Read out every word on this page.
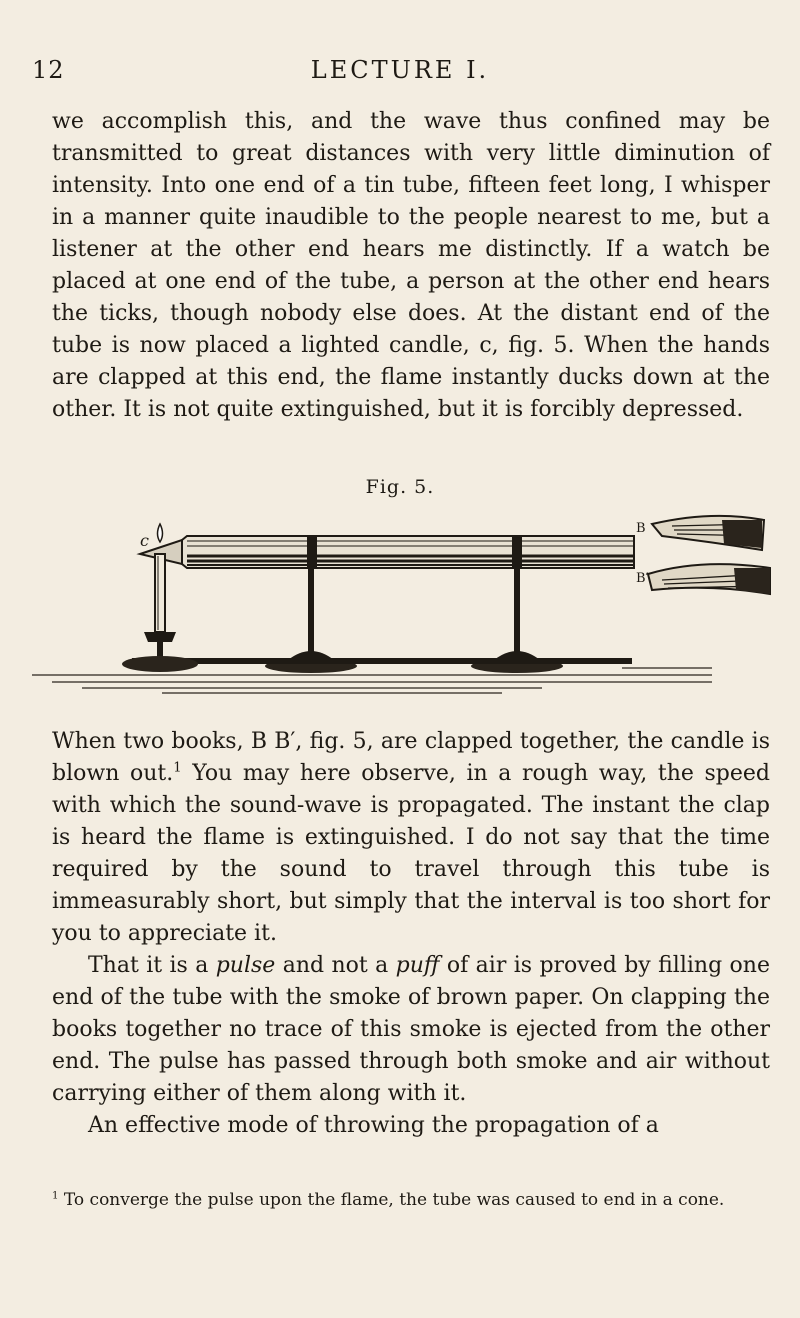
12	LECTURE I.

we accomplish this, and the wave thus confined may be transmitted to great distances with very little diminution of intensity. Into one end of a tin tube, fifteen feet long, I whisper in a manner quite inaudible to the people nearest to me, but a listener at the other end hears me distinctly. If a watch be placed at one end of the tube, a person at the other end hears the ticks, though nobody else does. At the distant end of the tube is now placed a lighted candle, c, fig. 5. When the hands are clapped at this end, the flame instantly ducks down at the other. It is not quite extinguished, but it is forcibly depressed.

Fig. 5.
c
B
B′

When two books, B B′, fig. 5, are clapped together, the candle is blown out.$^1$ You may here observe, in a rough way, the speed with which the sound-wave is propagated. The instant the clap is heard the flame is extinguished. I do not say that the time required by the sound to travel through this tube is immeasurably short, but simply that the interval is too short for you to appreciate it.

That it is a pulse and not a puff of air is proved by filling one end of the tube with the smoke of brown paper. On clapping the books together no trace of this smoke is ejected from the other end. The pulse has passed through both smoke and air without carrying either of them along with it.

An effective mode of throwing the propagation of a

$^1$ To converge the pulse upon the flame, the tube was caused to end in a cone.
